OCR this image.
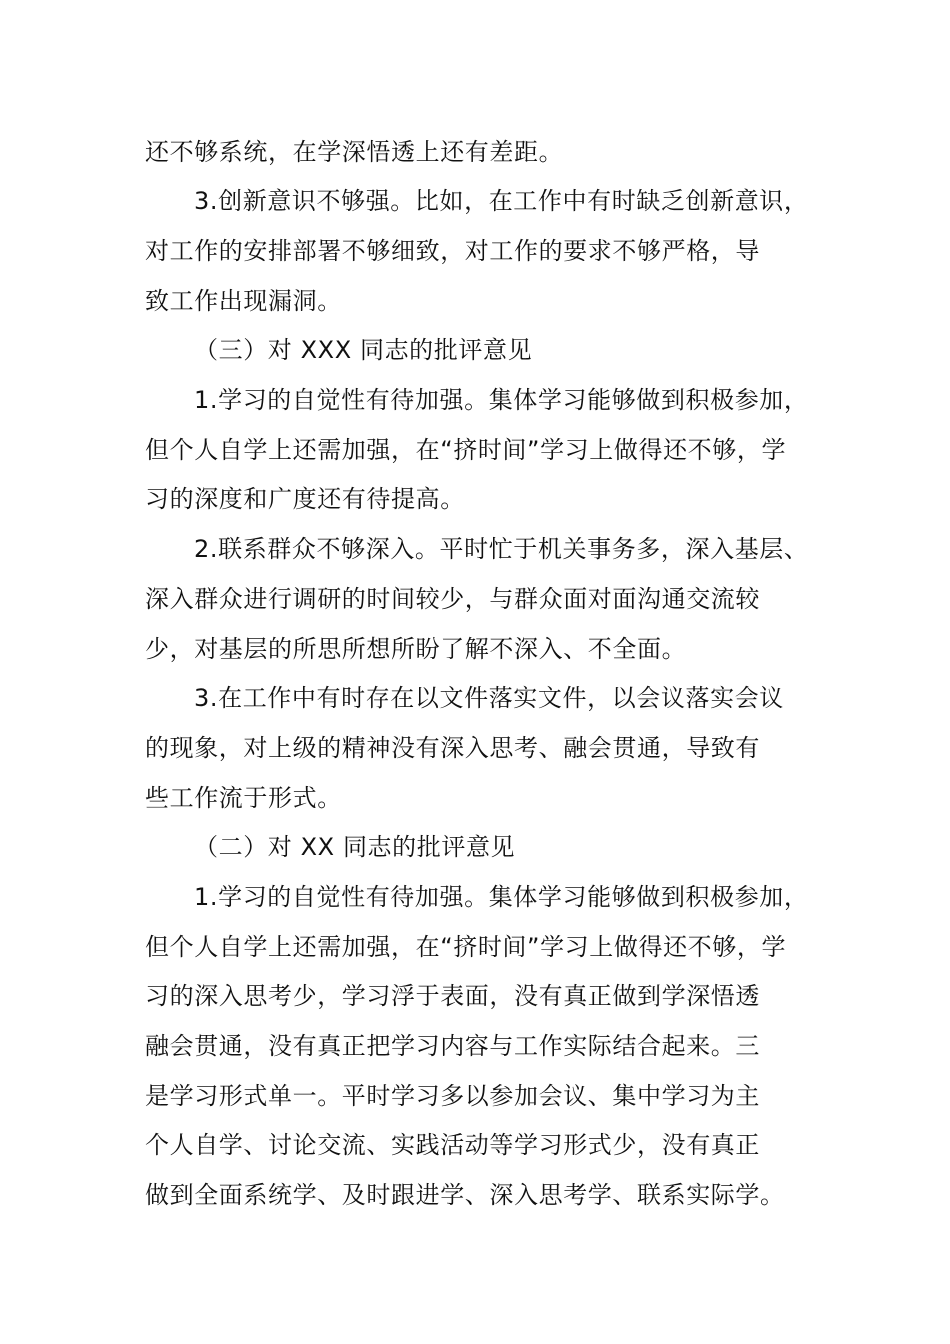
还不够系统，在学深悟透上还有差距。
3.创新意识不够强。比如，在工作中有时缺乏创新意识，
对工作的安排部署不够细致，对工作的要求不够严格，导
致工作出现漏洞。
（三）对 XXX 同志的批评意见
1.学习的自觉性有待加强。集体学习能够做到积极参加，
但个人自学上还需加强，在“挤时间”学习上做得还不够，学
习的深度和广度还有待提高。
2.联系群众不够深入。平时忙于机关事务多，深入基层、
深入群众进行调研的时间较少，与群众面对面沟通交流较
少，对基层的所思所想所盼了解不深入、不全面。
3.在工作中有时存在以文件落实文件，以会议落实会议
的现象，对上级的精神没有深入思考、融会贯通，导致有
些工作流于形式。
（二）对 XX 同志的批评意见
1.学习的自觉性有待加强。集体学习能够做到积极参加，
但个人自学上还需加强，在“挤时间”学习上做得还不够，学
习的深入思考少，学习浮于表面，没有真正做到学深悟透
融会贯通，没有真正把学习内容与工作实际结合起来。三
是学习形式单一。平时学习多以参加会议、集中学习为主
个人自学、讨论交流、实践活动等学习形式少，没有真正
做到全面系统学、及时跟进学、深入思考学、联系实际学。
